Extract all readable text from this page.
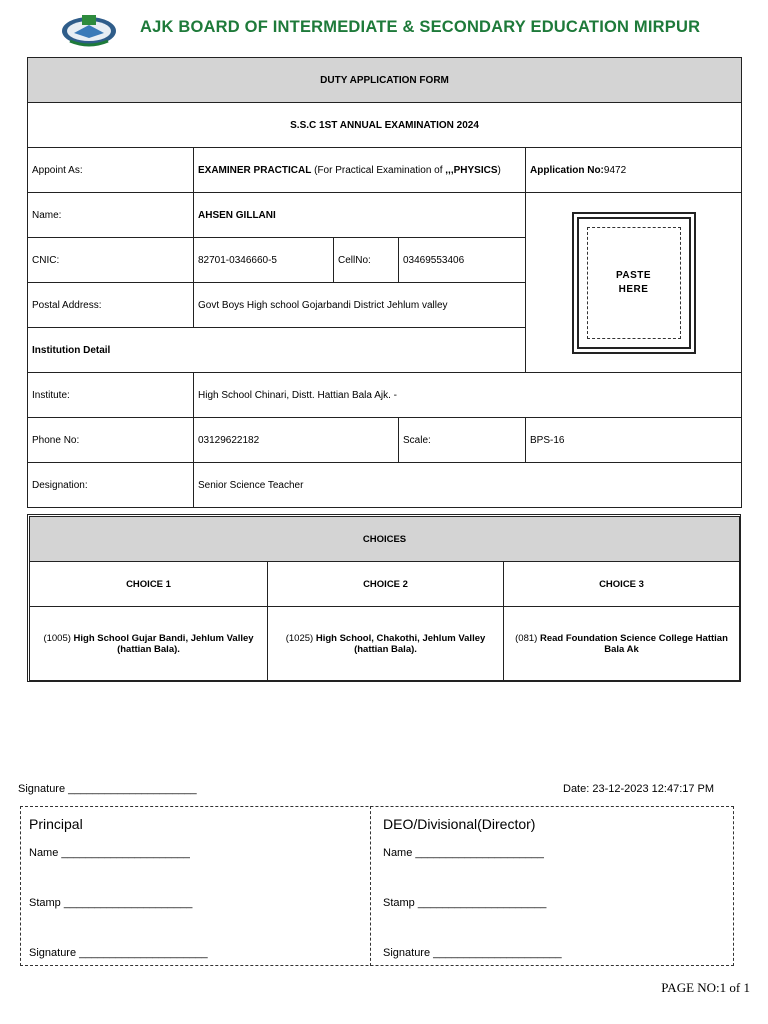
AJK BOARD OF INTERMEDIATE & SECONDARY EDUCATION MIRPUR
DUTY APPLICATION FORM				
S.S.C 1ST ANNUAL EXAMINATION 2024				
Appoint As:	EXAMINER PRACTICAL (For Practical Examination of ,,,PHYSICS)			Application No:9472
Name:	AHSEN GILLANI			PASTE
HERE

CNIC:	82701-0346660-5	CellNo:	03469553406	
Postal Address:	Govt Boys High school Gojarbandi District Jehlum valley			
Institution Detail				
Institute:	High School Chinari, Distt. Hattian Bala Ajk. -			
Phone No:	03129622182		Scale:	BPS-16
Designation:	Senior Science Teacher			
CHOICES		
CHOICE 1	CHOICE 2	CHOICE 3
(1005) High School Gujar Bandi, Jehlum Valley (hattian Bala).	(1025) High School, Chakothi, Jehlum Valley (hattian Bala).	(081) Read Foundation Science College Hattian Bala Ak
Signature _____________________	Date: 23-12-2023 12:47:17 PM
Principal
Name _____________________
Stamp _____________________
Signature _____________________
DEO/Divisional(Director)
Name _____________________
Stamp _____________________
Signature _____________________
PAGE NO:1 of 1
